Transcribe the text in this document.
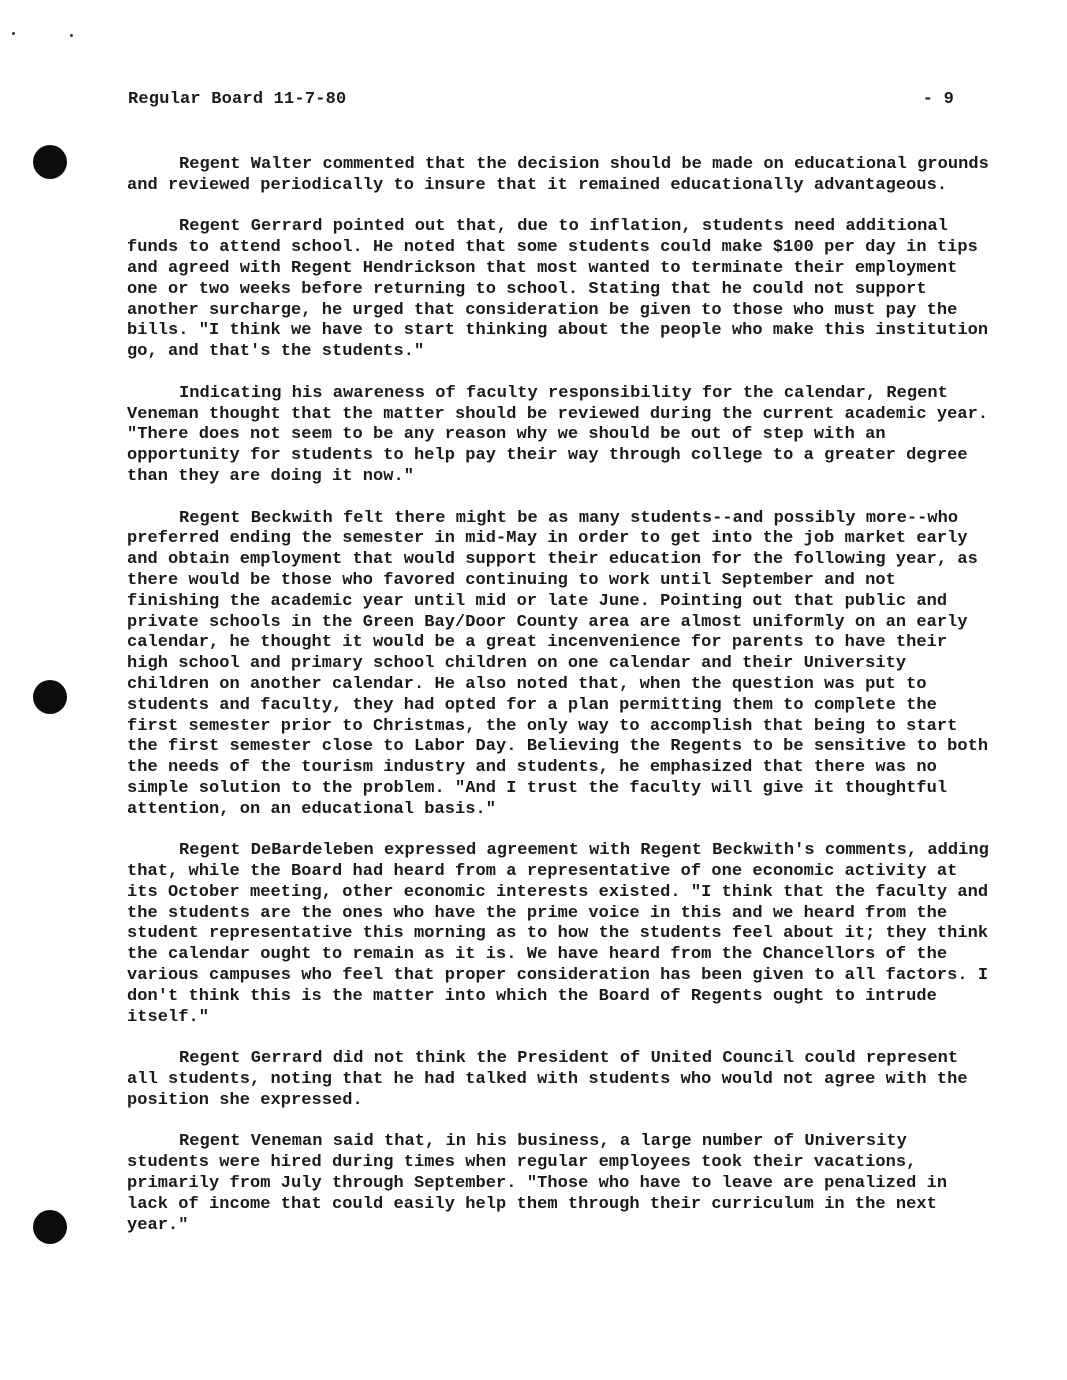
Regular Board 11-7-80	- 9

Regent Walter commented that the decision should be made on educational grounds and reviewed periodically to insure that it remained educationally advantageous.

Regent Gerrard pointed out that, due to inflation, students need additional funds to attend school. He noted that some students could make $100 per day in tips and agreed with Regent Hendrickson that most wanted to terminate their employment one or two weeks before returning to school. Stating that he could not support another surcharge, he urged that consideration be given to those who must pay the bills. "I think we have to start thinking about the people who make this institution go, and that's the students."

Indicating his awareness of faculty responsibility for the calendar, Regent Veneman thought that the matter should be reviewed during the current academic year. "There does not seem to be any reason why we should be out of step with an opportunity for students to help pay their way through college to a greater degree than they are doing it now."

Regent Beckwith felt there might be as many students--and possibly more--who preferred ending the semester in mid-May in order to get into the job market early and obtain employment that would support their education for the following year, as there would be those who favored continuing to work until September and not finishing the academic year until mid or late June. Pointing out that public and private schools in the Green Bay/Door County area are almost uniformly on an early calendar, he thought it would be a great incenvenience for parents to have their high school and primary school children on one calendar and their University children on another calendar. He also noted that, when the question was put to students and faculty, they had opted for a plan permitting them to complete the first semester prior to Christmas, the only way to accomplish that being to start the first semester close to Labor Day. Believing the Regents to be sensitive to both the needs of the tourism industry and students, he emphasized that there was no simple solution to the problem. "And I trust the faculty will give it thoughtful attention, on an educational basis."

Regent DeBardeleben expressed agreement with Regent Beckwith's comments, adding that, while the Board had heard from a representative of one economic activity at its October meeting, other economic interests existed. "I think that the faculty and the students are the ones who have the prime voice in this and we heard from the student representative this morning as to how the students feel about it; they think the calendar ought to remain as it is. We have heard from the Chancellors of the various campuses who feel that proper consideration has been given to all factors. I don't think this is the matter into which the Board of Regents ought to intrude itself."

Regent Gerrard did not think the President of United Council could represent all students, noting that he had talked with students who would not agree with the position she expressed.

Regent Veneman said that, in his business, a large number of University students were hired during times when regular employees took their vacations, primarily from July through September. "Those who have to leave are penalized in lack of income that could easily help them through their curriculum in the next year."
